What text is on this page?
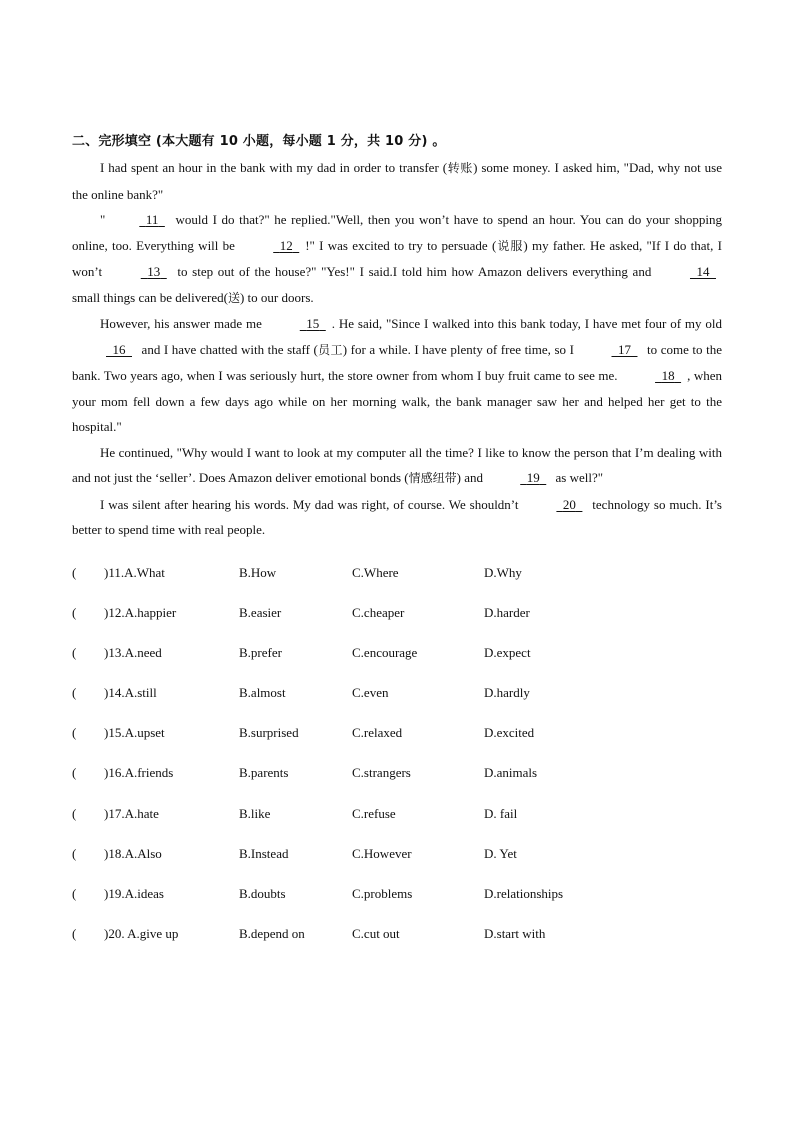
二、完形填空 (本大题有 10 小题，每小题 1 分，共 10 分) 。

I had spent an hour in the bank with my dad in order to transfer (转账) some money. I asked him, "Dad, why not use the online bank?"

"	11 would I do that?" he replied."Well, then you won’t have to spend an hour. You can do your shopping online, too. Everything will be	12 !" I was excited to try to persuade (说服) my father. He asked, "If I do that, I won’t	13 to step out of the house?" "Yes!" I said.I told him how Amazon delivers everything and	14 small things can be delivered(送) to our doors.

However, his answer made me	15 . He said, "Since I walked into this bank today, I have met four of my old 16 and I have chatted with the staff (员工) for a while. I have plenty of free time, so I	17 to come to the bank. Two years ago, when I was seriously hurt, the store owner from whom I buy fruit came to see me.	18 , when your mom fell down a few days ago while on her morning walk, the bank manager saw her and helped her get to the hospital."

He continued, "Why would I want to look at my computer all the time? I like to know the person that I’m dealing with and not just the ‘seller’. Does Amazon deliver emotional bonds (情感纽带) and	19 as well?"

I was silent after hearing his words. My dad was right, of course. We shouldn’t	20 technology so much. It’s better to spend time with real people.

( )11.A.What	B.How	C.Where	D.Why
( )12.A.happier	B.easier	C.cheaper	D.harder
( )13.A.need	B.prefer	C.encourage	D.expect
( )14.A.still	B.almost	C.even	D.hardly
( )15.A.upset	B.surprised	C.relaxed	D.excited
( )16.A.friends	B.parents	C.strangers	D.animals
( )17.A.hate	B.like	C.refuse	D. fail
( )18.A.Also	B.Instead	C.However	D. Yet
( )19.A.ideas	B.doubts	C.problems	D.relationships
( )20. A.give up	B.depend on	C.cut out	D.start with
